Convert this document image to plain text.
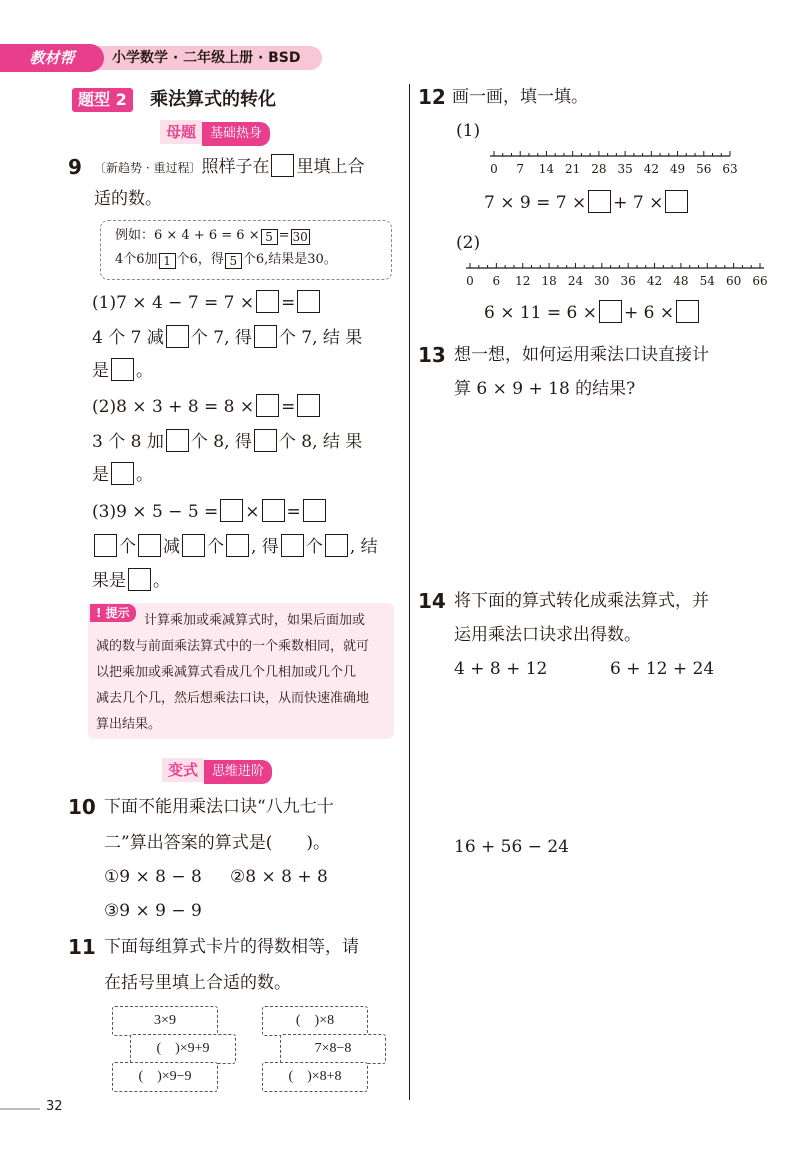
教材帮	小学数学 · 二年级上册 · BSD
题型 2	乘法算式的转化
母题 基础热身
9 〔新趋势 · 重过程〕照样子在 里填上合
适的数。
例如：6 × 4 + 6 = 6 × 5 = 30
4个6加 1 个6，得 5 个6,结果是30。
(1)7 × 4 − 7 = 7 × =
4 个 7 减 个 7, 得 个 7, 结 果
是 。
(2)8 × 3 + 8 = 8 × =
3 个 8 加 个 8, 得 个 8, 结 果
是 。
(3)9 × 5 − 5 = × =
个 减 个 , 得 个 , 结
果是 。
计算乘加或乘减算式时，如果后面加或
减的数与前面乘法算式中的一个乘数相同，就可
以把乘加或乘减算式看成几个几相加或几个几
减去几个几，然后想乘法口诀，从而快速准确地
算出结果。
! 提示
变式 思维进阶
10 下面不能用乘法口诀“八九七十
二”算出答案的算式是(　　)。
①9 × 8 − 8 ②8 × 8 + 8
③9 × 9 − 9
11 下面每组算式卡片的得数相等，请
在括号里填上合适的数。
3×9
(　)×9+9
(　)×9−9
(　)×8
7×8−8
(　)×8+8
12 画一画，填一填。
(1)
0 7 14 21 28 35 42 49 56 63
7 × 9 = 7 × + 7 ×
(2)
0 6 12 18 24 30 36 42 48 54 60 66
6 × 11 = 6 × + 6 ×
13 想一想，如何运用乘法口诀直接计
算 6 × 9 + 18 的结果?
14 将下面的算式转化成乘法算式，并
运用乘法口诀求出得数。
4 + 8 + 12	6 + 12 + 24
16 + 56 − 24
32
